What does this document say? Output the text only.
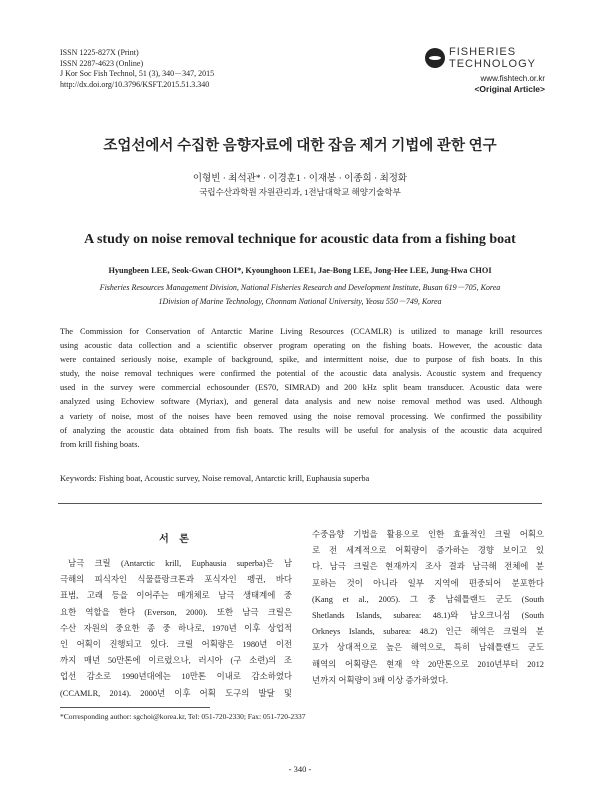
ISSN 1225-827X (Print)
ISSN 2287-4623 (Online)
J Kor Soc Fish Technol, 51 (3), 340－347, 2015
http://dx.doi.org/10.3796/KSFT.2015.51.3.340
FISHERIES
TECHNOLOGY
www.fishtech.or.kr
<Original Article>
조업선에서 수집한 음향자료에 대한 잡음 제거 기법에 관한 연구
이형빈 · 최석관* · 이경훈1 · 이재봉 · 이종희 · 최정화
국립수산과학원 자원관리과, 1전남대학교 해양기술학부
A study on noise removal technique for acoustic data from a fishing boat
Hyungbeen LEE, Seok-Gwan CHOI*, Kyounghoon LEE1, Jae-Bong LEE, Jong-Hee LEE, Jung-Hwa CHOI
Fisheries Resources Management Division, National Fisheries Research and Development Institute, Busan 619－705, Korea
1Division of Marine Technology, Chonnam National University, Yeosu 550－749, Korea
The Commission for Conservation of Antarctic Marine Living Resources (CCAMLR) is utilized to manage krill resources
using acoustic data collection and a scientific observer program operating on the fishing boats. However, the acoustic data
were contained seriously noise, example of background, spike, and intermittent noise, due to purpose of fish boats. In this
study, the noise removal techniques were confirmed the potential of the acoustic data analysis. Acoustic system and frequency
used in the survey were commercial echosounder (ES70, SIMRAD) and 200 kHz split beam transducer. Acoustic data were
analyzed using Echoview software (Myriax), and general data analysis and new noise removal method was used. Although
a variety of noise, most of the noises have been removed using the noise removal processing. We confirmed the possibility
of analyzing the acoustic data obtained from fish boats. The results will be useful for analysis of the acoustic data acquired
from krill fishing boats.
Keywords: Fishing boat, Acoustic survey, Noise removal, Antarctic krill, Euphausia superba
서 론
남극 크릴 (Antarctic krill, Euphausia superba)은 남
극해의 피식자인 식물플랑크톤과 포식자인 펭귄, 바다
표범, 고래 등을 이어주는 매개체로 남극 생태계에 중
요한 역할을 한다 (Everson, 2000). 또한 남극 크릴은
수산 자원의 중요한 종 중 하나로, 1970년 이후 상업적
인 어획이 진행되고 있다. 크릴 어획량은 1980년 이전
까지 매년 50만톤에 이르렀으나, 러시아 (구 소련)의 조
업선 감소로 1990년대에는 10만톤 이내로 감소하였다
(CCAMLR, 2014). 2000년 이후 어획 도구의 발달 및
수중음향 기법을 활용으로 인한 효율적인 크릴 어획으
로 전 세계적으로 어획량이 증가하는 경향 보이고 있
다. 남극 크릴은 현재까지 조사 결과 남극해 전체에 분
포하는 것이 아니라 일부 지역에 편중되어 분포한다
(Kang et al., 2005). 그 중 남쉐틀랜드 군도 (South
Shetlands Islands, subarea: 48.1)와 남오크니섬 (South
Orkneys Islands, subarea: 48.2) 인근 해역은 크릴의 분
포가 상대적으로 높은 해역으로, 특히 남쉐틀랜드 군도
해역의 어획량은 현재 약 20만톤으로 2010년부터 2012
년까지 어획량이 3배 이상 증가하였다.
*Corresponding author: sgchoi@korea.kr, Tel: 051-720-2330; Fax: 051-720-2337
- 340 -
